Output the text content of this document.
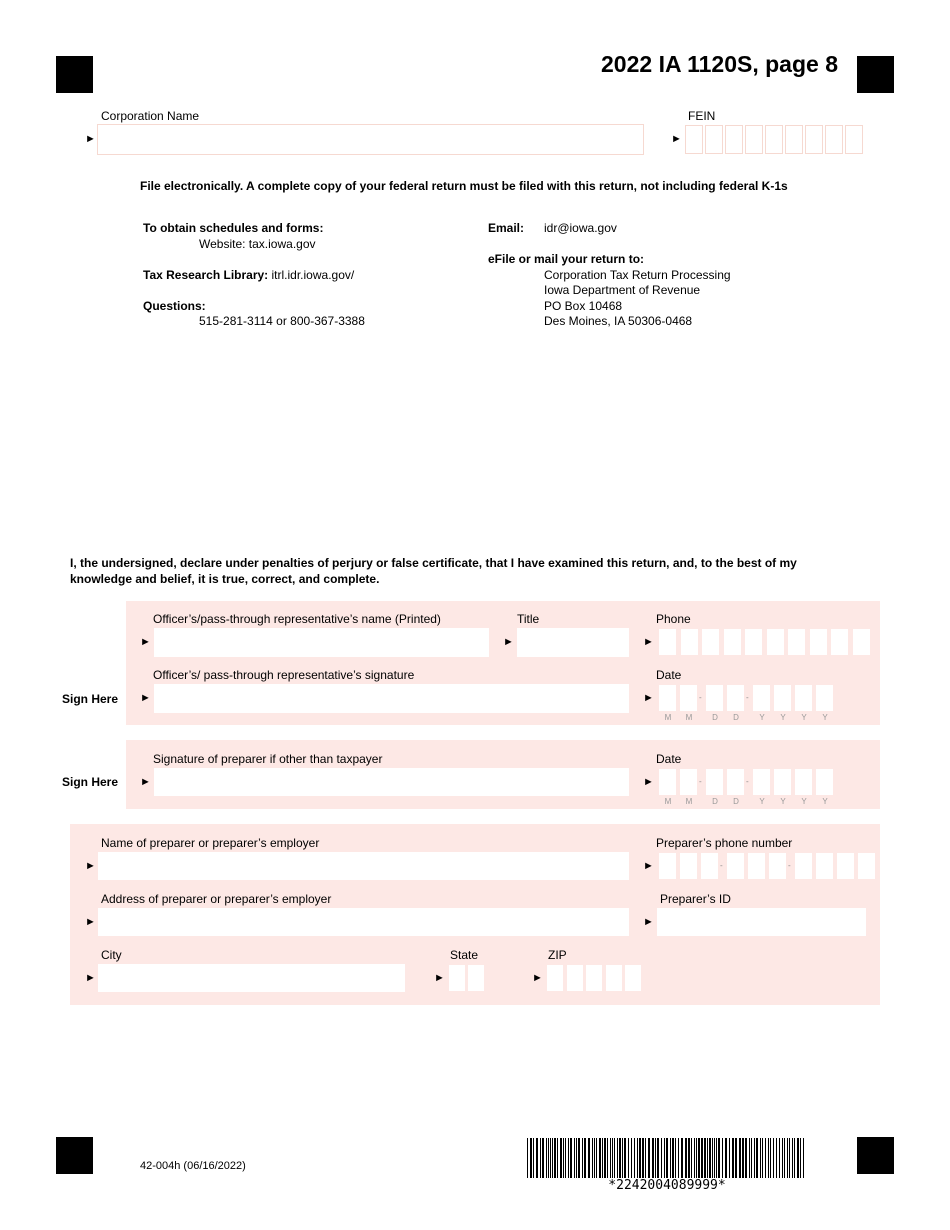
2022 IA 1120S, page 8
Corporation Name
►
FEIN
►
File electronically. A complete copy of your federal return must be filed with this return, not including federal K-1s
To obtain schedules and forms:
Website: tax.iowa.gov
Tax Research Library: itrl.idr.iowa.gov/
Questions:
515-281-3114 or 800-367-3388
Email: idr@iowa.gov
eFile or mail your return to:
Corporation Tax Return Processing
Iowa Department of Revenue
PO Box 10468
Des Moines, IA 50306-0468
I, the undersigned, declare under penalties of perjury or false certificate, that I have examined this return, and, to the best of my
knowledge and belief, it is true, correct, and complete.
Officer’s/pass-through representative’s name (Printed)
►
Title
►
Phone
►
Sign Here
Officer’s/ pass-through representative’s signature
►
Date
►	-	-
Sign Here
Signature of preparer if other than taxpayer
►
Date
►	-	-
Name of preparer or preparer’s employer
►
Preparer’s phone number
►	-	-
Address of preparer or preparer’s employer
►
Preparer’s ID
►
City
►
State
►
ZIP
►
42-004h (06/16/2022)
*2242004089999*
M	M	D	D	Y	Y	Y	Y
M	M	D	D	Y	Y	Y	Y
